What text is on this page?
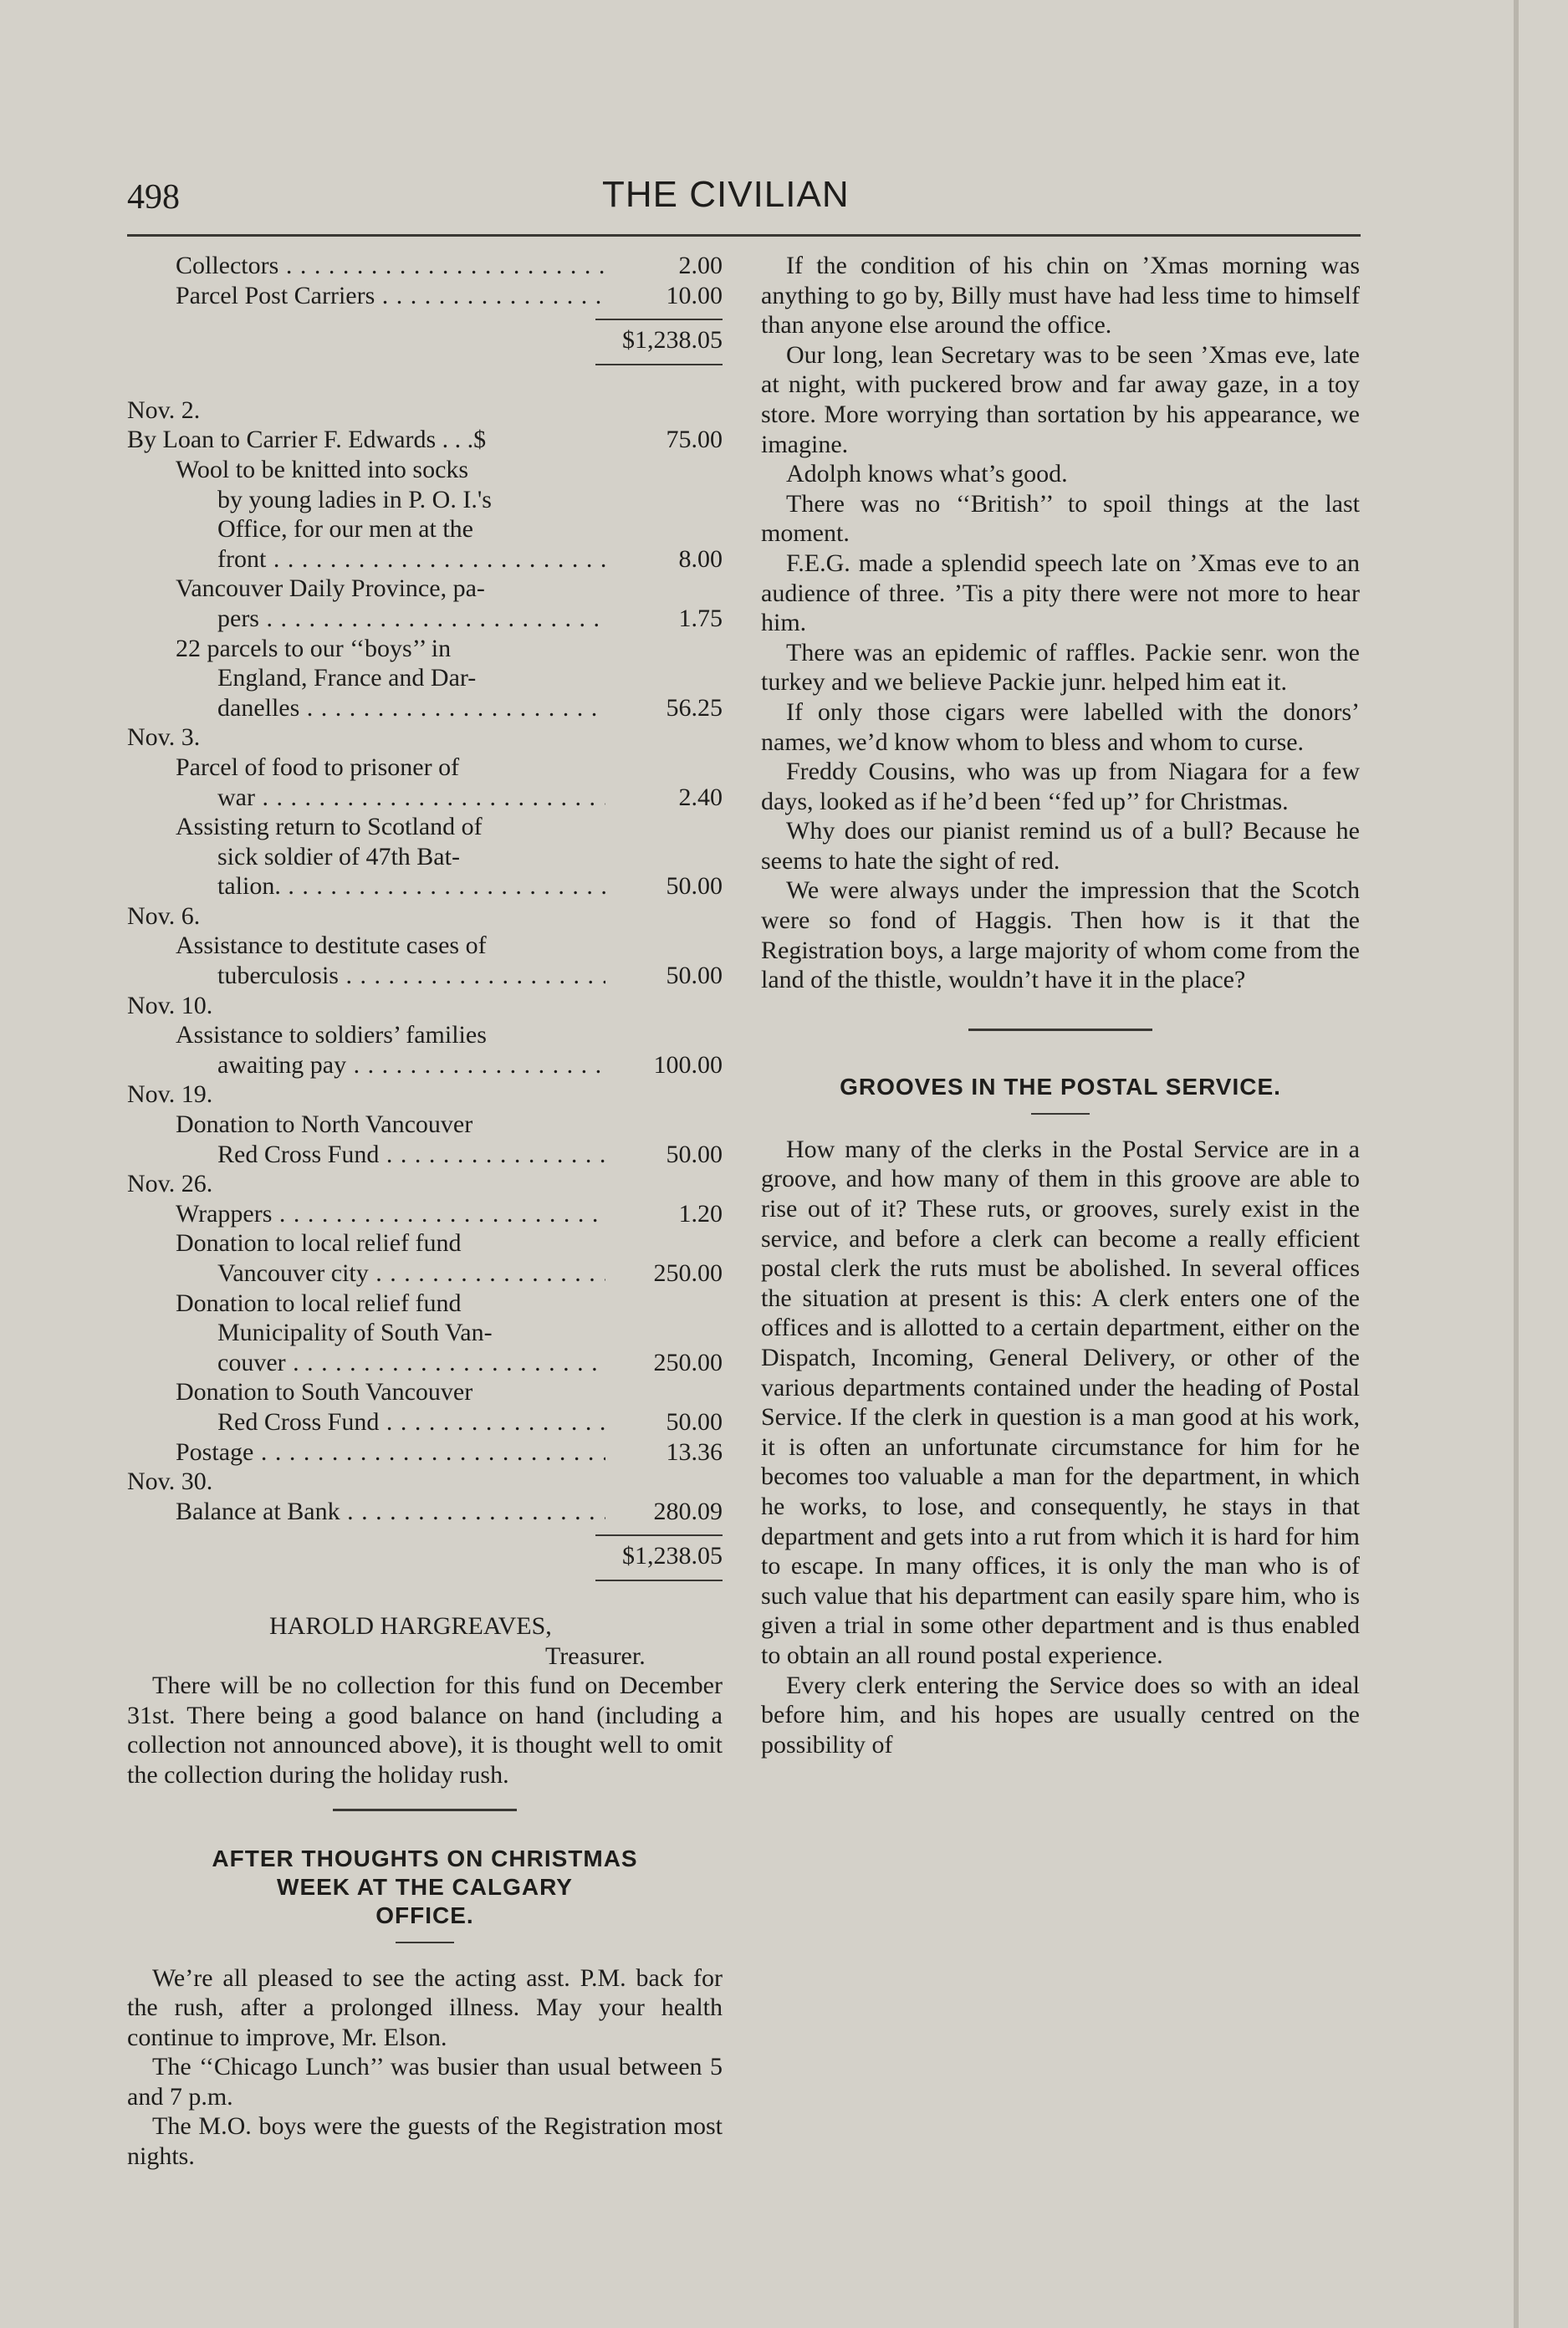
498	THE CIVILIAN
Collectors . . .	2.00
Parcel Post Carriers . . .	10.00
$1,238.05
Nov. 2.
By Loan to Carrier F. Edwards . . .$	75.00
Wool to be knitted into socks
by young ladies in P. O. I.'s
Office, for our men at the
front . . .	8.00
Vancouver Daily Province, pa-
pers . . .	1.75
22 parcels to our ‘‘boys’’ in
England, France and Dar-
danelles . . .	56.25
Nov. 3.
Parcel of food to prisoner of
war . . .	2.40
Assisting return to Scotland of
sick soldier of 47th Bat-
talion. . . .	50.00
Nov. 6.
Assistance to destitute cases of
tuberculosis . . .	50.00
Nov. 10.
Assistance to soldiers’ families
awaiting pay . . .	100.00
Nov. 19.
Donation to North Vancouver
Red Cross Fund . . .	50.00
Nov. 26.
Wrappers . . .	1.20
Donation to local relief fund
Vancouver city . . .	250.00
Donation to local relief fund
Municipality of South Van-
couver . . .	250.00
Donation to South Vancouver
Red Cross Fund . . .	50.00
Postage . . .	13.36
Nov. 30.
Balance at Bank . . .	280.09
$1,238.05
HAROLD HARGREAVES,
Treasurer.

There will be no collection for this fund on December 31st. There being a good balance on hand (including a collection not announced above), it is thought well to omit the collection during the holiday rush.

AFTER THOUGHTS ON CHRISTMAS
WEEK AT THE CALGARY
OFFICE.

We’re all pleased to see the acting asst. P.M. back for the rush, after a prolonged illness. May your health continue to improve, Mr. Elson.

The ‘‘Chicago Lunch’’ was busier than usual between 5 and 7 p.m.

The M.O. boys were the guests of the Registration most nights.

If the condition of his chin on ’Xmas morning was anything to go by, Billy must have had less time to himself than anyone else around the office.

Our long, lean Secretary was to be seen ’Xmas eve, late at night, with puckered brow and far away gaze, in a toy store. More worrying than sortation by his appearance, we imagine.

Adolph knows what’s good.

There was no ‘‘British’’ to spoil things at the last moment.

F.E.G. made a splendid speech late on ’Xmas eve to an audience of three. ’Tis a pity there were not more to hear him.

There was an epidemic of raffles. Packie senr. won the turkey and we believe Packie junr. helped him eat it.

If only those cigars were labelled with the donors’ names, we’d know whom to bless and whom to curse.

Freddy Cousins, who was up from Niagara for a few days, looked as if he’d been ‘‘fed up’’ for Christmas.

Why does our pianist remind us of a bull? Because he seems to hate the sight of red.

We were always under the impression that the Scotch were so fond of Haggis. Then how is it that the Registration boys, a large majority of whom come from the land of the thistle, wouldn’t have it in the place?

GROOVES IN THE POSTAL SERVICE.

How many of the clerks in the Postal Service are in a groove, and how many of them in this groove are able to rise out of it? These ruts, or grooves, surely exist in the service, and before a clerk can become a really efficient postal clerk the ruts must be abolished. In several offices the situation at present is this: A clerk enters one of the offices and is allotted to a certain department, either on the Dispatch, Incoming, General Delivery, or other of the various departments contained under the heading of Postal Service. If the clerk in question is a man good at his work, it is often an unfortunate circumstance for him for he becomes too valuable a man for the department, in which he works, to lose, and consequently, he stays in that department and gets into a rut from which it is hard for him to escape. In many offices, it is only the man who is of such value that his department can easily spare him, who is given a trial in some other department and is thus enabled to obtain an all round postal experience.

Every clerk entering the Service does so with an ideal before him, and his hopes are usually centred on the possibility of
